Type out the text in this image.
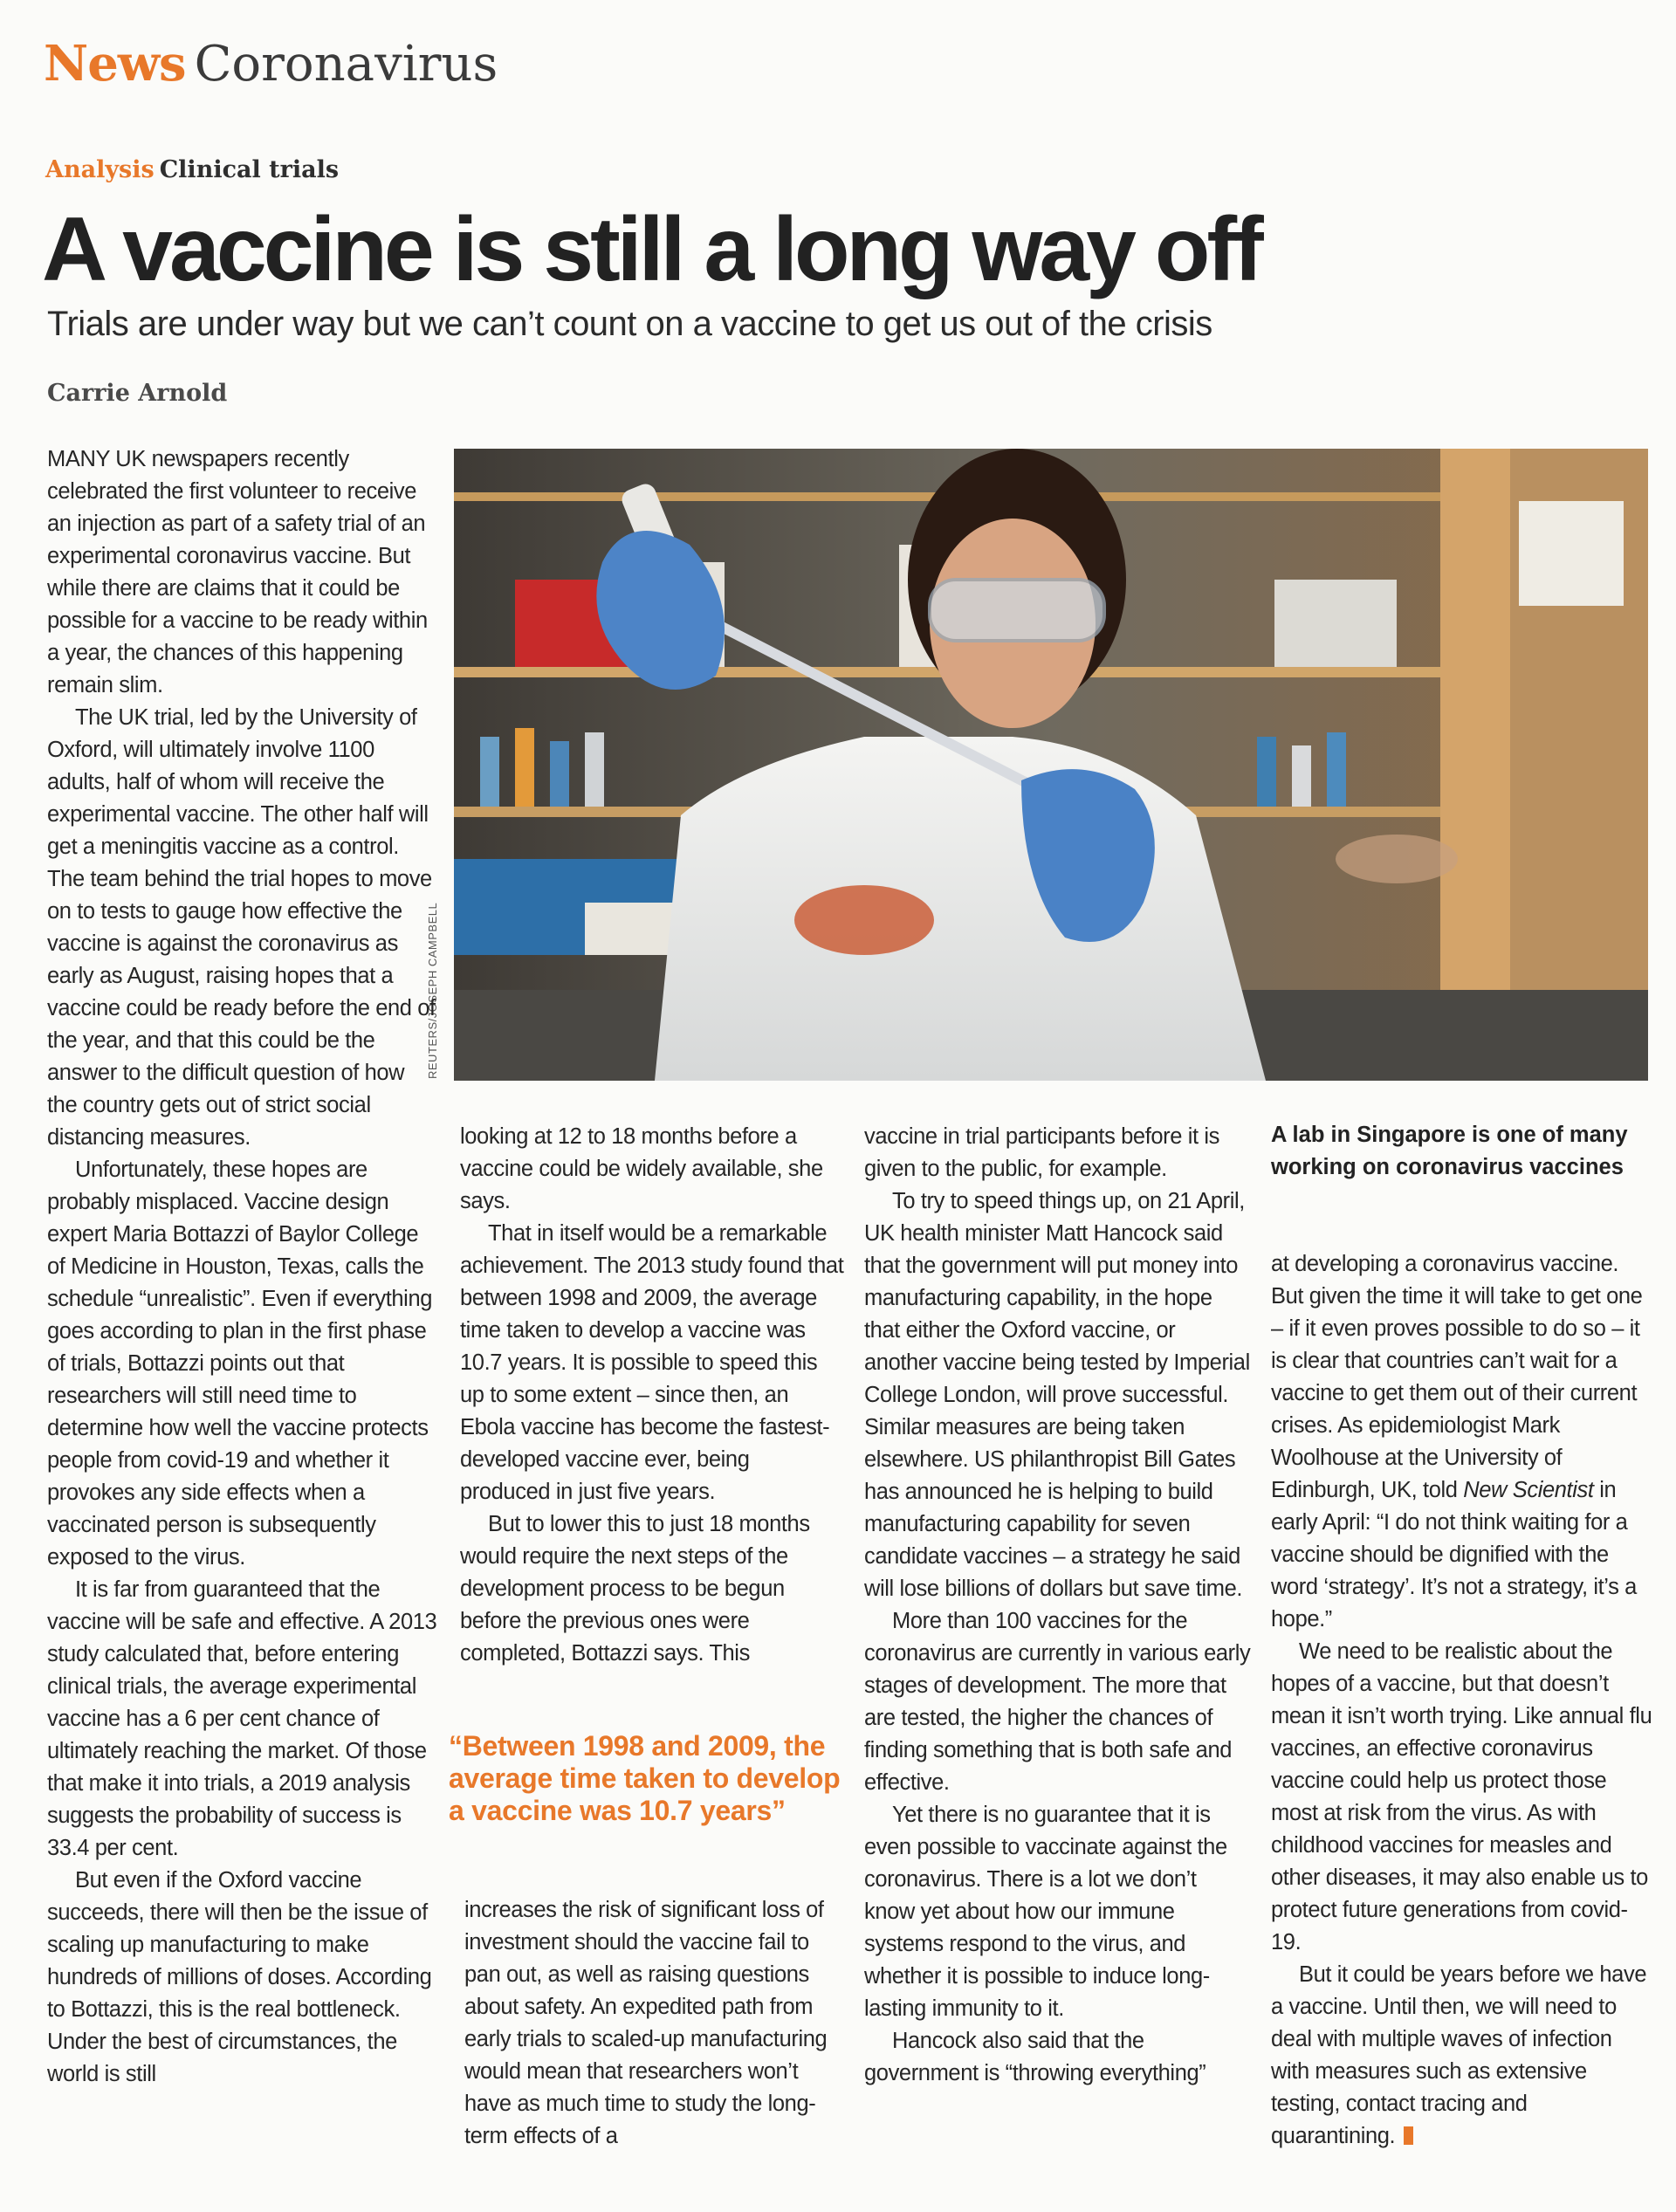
News Coronavirus
Analysis Clinical trials
A vaccine is still a long way off

Trials are under way but we can’t count on a vaccine to get us out of the crisis

Carrie Arnold
REUTERS/JOSEPH CAMPBELL

MANY UK newspapers recently celebrated the first volunteer to receive an injection as part of a safety trial of an experimental coronavirus vaccine. But while there are claims that it could be possible for a vaccine to be ready within a year, the chances of this happening remain slim.

The UK trial, led by the University of Oxford, will ultimately involve 1100 adults, half of whom will receive the experimental vaccine. The other half will get a meningitis vaccine as a control. The team behind the trial hopes to move on to tests to gauge how effective the vaccine is against the coronavirus as early as August, raising hopes that a vaccine could be ready before the end of the year, and that this could be the answer to the difficult question of how the country gets out of strict social distancing measures.

Unfortunately, these hopes are probably misplaced. Vaccine design expert Maria Bottazzi of Baylor College of Medicine in Houston, Texas, calls the schedule “unrealistic”. Even if everything goes according to plan in the first phase of trials, Bottazzi points out that researchers will still need time to determine how well the vaccine protects people from covid-19 and whether it provokes any side effects when a vaccinated person is subsequently exposed to the virus.

It is far from guaranteed that the vaccine will be safe and effective. A 2013 study calculated that, before entering clinical trials, the average experimental vaccine has a 6 per cent chance of ultimately reaching the market. Of those that make it into trials, a 2019 analysis suggests the probability of success is 33.4 per cent.

But even if the Oxford vaccine succeeds, there will then be the issue of scaling up manufacturing to make hundreds of millions of doses. According to Bottazzi, this is the real bottleneck. Under the best of circumstances, the world is still

looking at 12 to 18 months before a vaccine could be widely available, she says.

That in itself would be a remarkable achievement. The 2013 study found that between 1998 and 2009, the average time taken to develop a vaccine was 10.7 years. It is possible to speed this up to some extent – since then, an Ebola vaccine has become the fastest-developed vaccine ever, being produced in just five years.

But to lower this to just 18 months would require the next steps of the development process to be begun before the previous ones were completed, Bottazzi says. This

“Between 1998 and 2009, the average time taken to develop a vaccine was 10.7 years”

increases the risk of significant loss of investment should the vaccine fail to pan out, as well as raising questions about safety. An expedited path from early trials to scaled-up manufacturing would mean that researchers won’t have as much time to study the long-term effects of a

vaccine in trial participants before it is given to the public, for example.

To try to speed things up, on 21 April, UK health minister Matt Hancock said that the government will put money into manufacturing capability, in the hope that either the Oxford vaccine, or another vaccine being tested by Imperial College London, will prove successful. Similar measures are being taken elsewhere. US philanthropist Bill Gates has announced he is helping to build manufacturing capability for seven candidate vaccines – a strategy he said will lose billions of dollars but save time.

More than 100 vaccines for the coronavirus are currently in various early stages of development. The more that are tested, the higher the chances of finding something that is both safe and effective.

Yet there is no guarantee that it is even possible to vaccinate against the coronavirus. There is a lot we don’t know yet about how our immune systems respond to the virus, and whether it is possible to induce long-lasting immunity to it.

Hancock also said that the government is “throwing everything”

A lab in Singapore is one of many working on coronavirus vaccines

at developing a coronavirus vaccine. But given the time it will take to get one – if it even proves possible to do so – it is clear that countries can’t wait for a vaccine to get them out of their current crises. As epidemiologist Mark Woolhouse at the University of Edinburgh, UK, told New Scientist in early April: “I do not think waiting for a vaccine should be dignified with the word ‘strategy’. It’s not a strategy, it’s a hope.”

We need to be realistic about the hopes of a vaccine, but that doesn’t mean it isn’t worth trying. Like annual flu vaccines, an effective coronavirus vaccine could help us protect those most at risk from the virus. As with childhood vaccines for measles and other diseases, it may also enable us to protect future generations from covid-19.

But it could be years before we have a vaccine. Until then, we will need to deal with multiple waves of infection with measures such as extensive testing, contact tracing and quarantining.
